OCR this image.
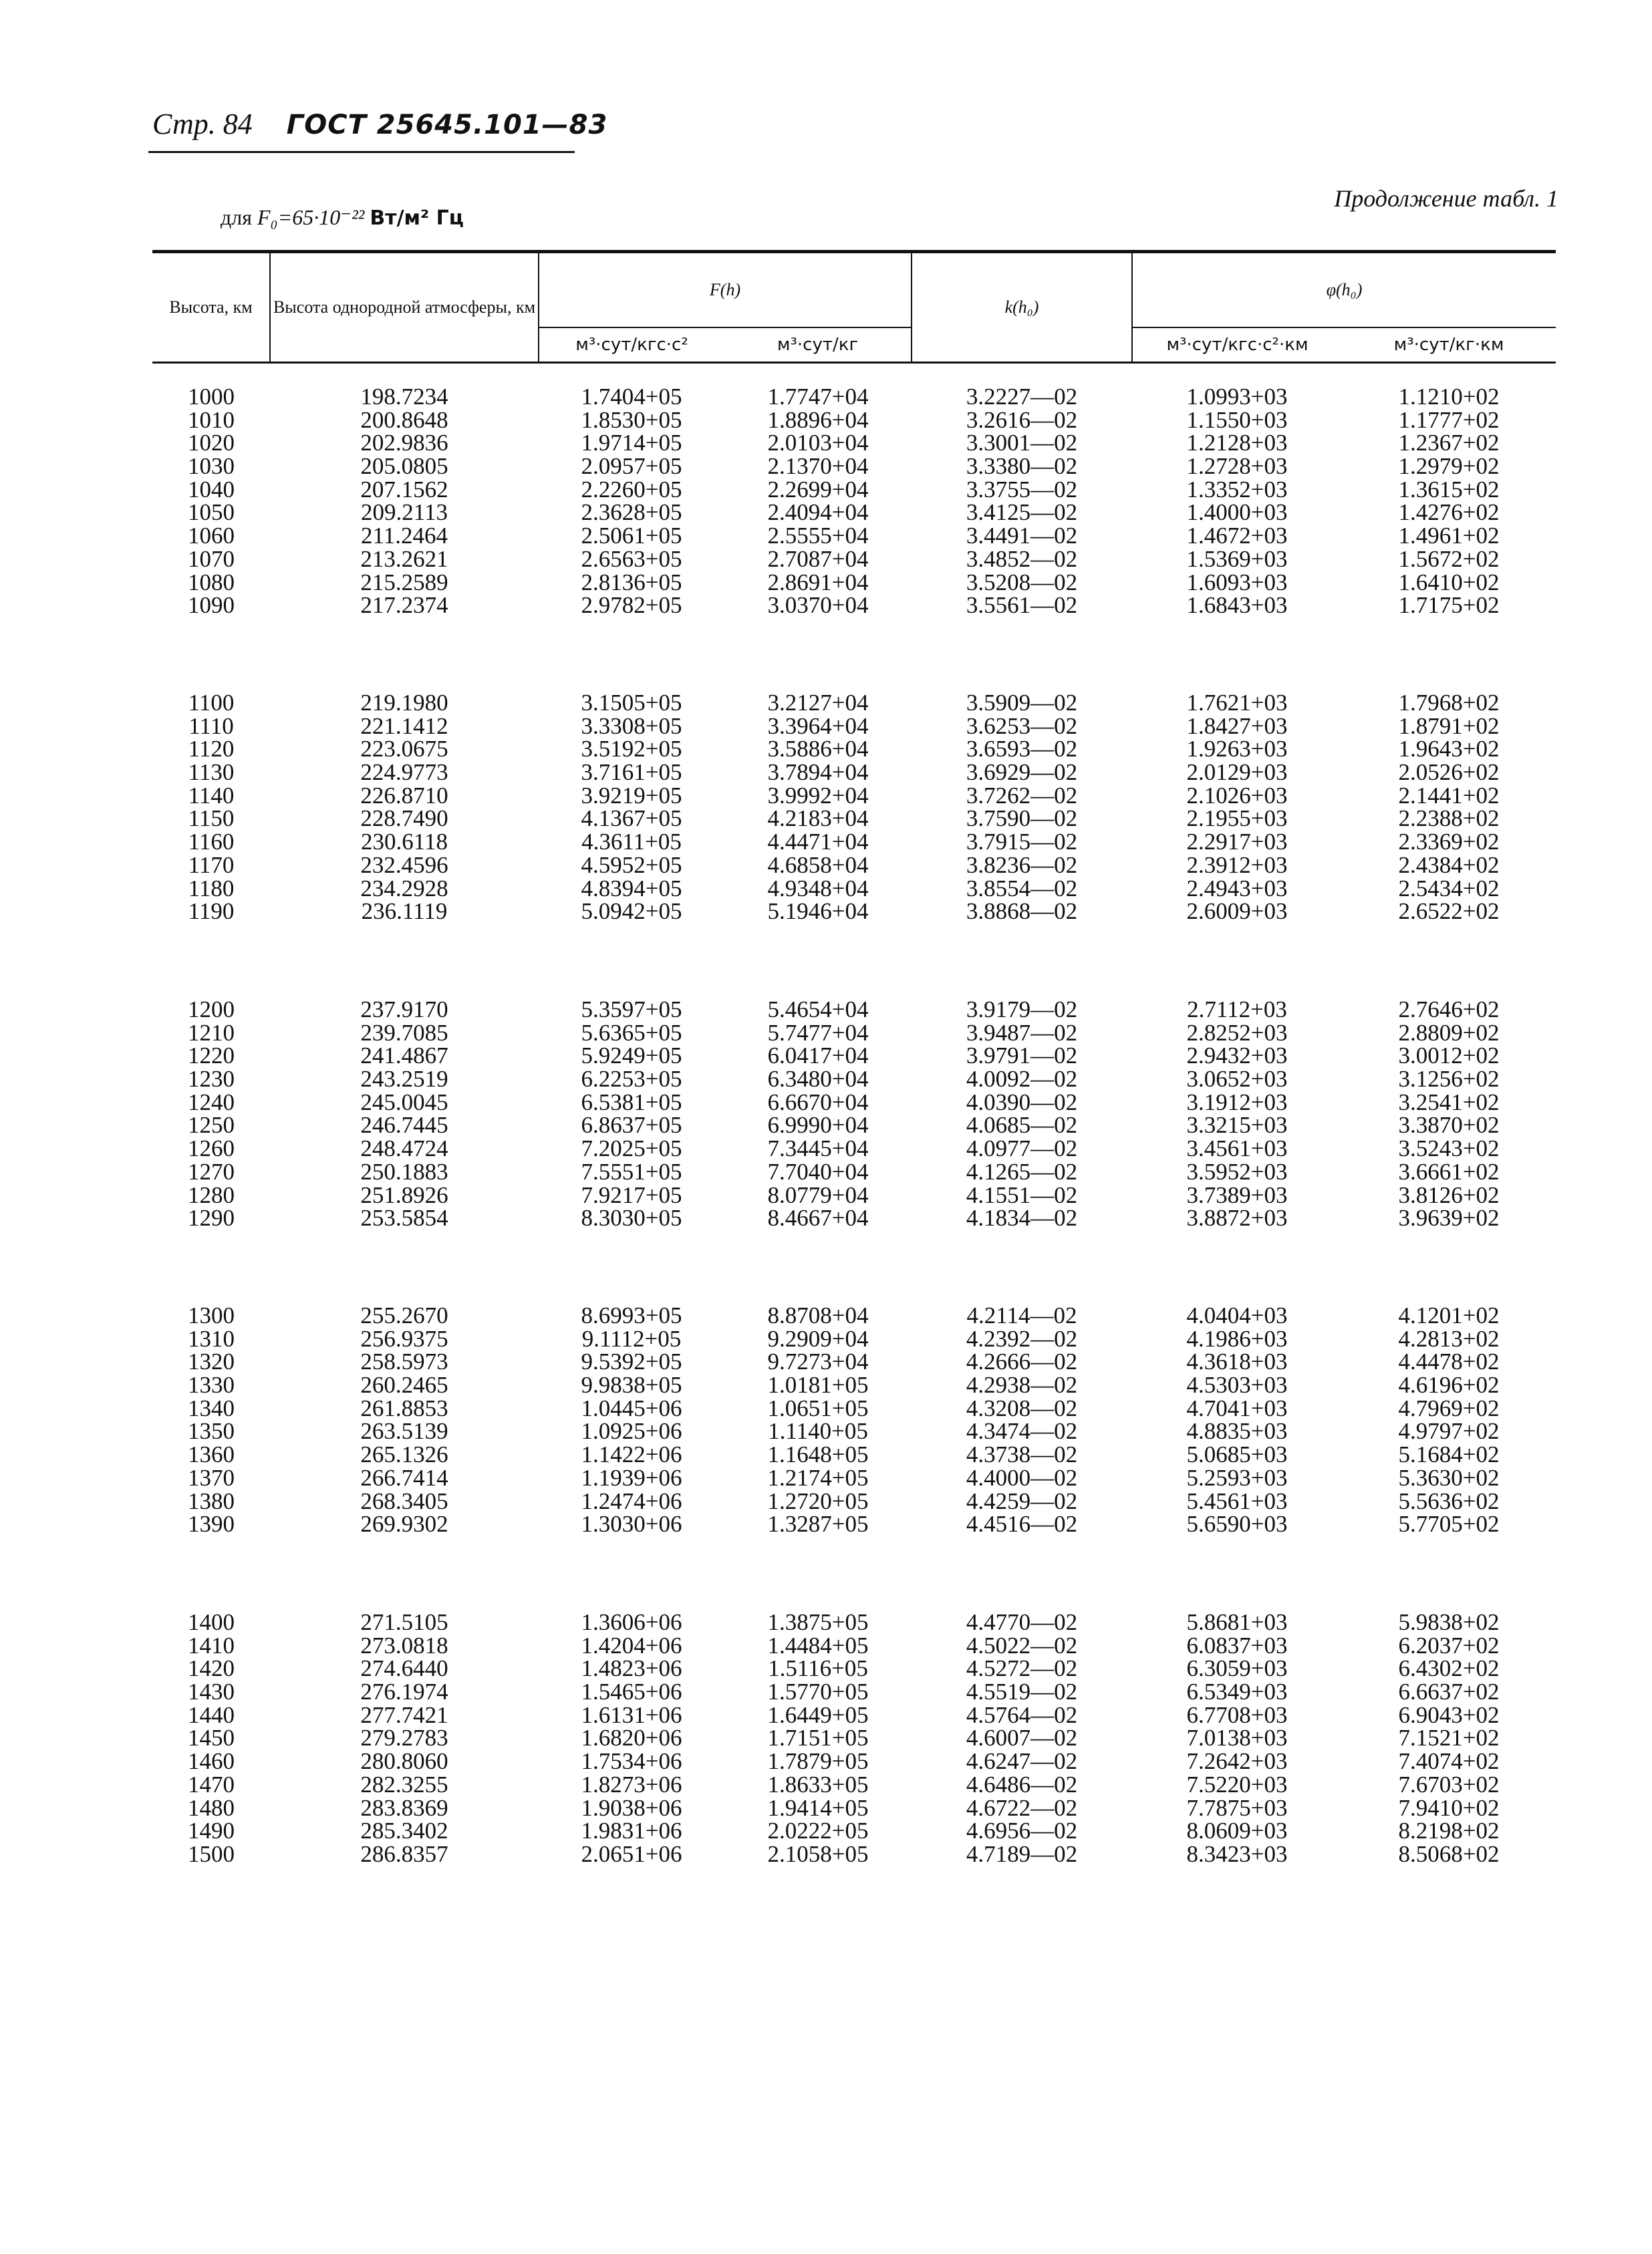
Стр. 84 ГОСТ 25645.101—83
Продолжение табл. 1
для F₀=65·10⁻²² Вт/м² Гц
Высота, км	Высота однородной атмосферы, км	F(h)		k(h₀)	φ(h₀)	
		м³·сут/кгс·с²	м³·сут/кг		м³·сут/кгс·с²·км	м³·сут/кг·км
1000	198.7234	1.7404+05	1.7747+04	3.2227—02	1.0993+03	1.1210+02
1010	200.8648	1.8530+05	1.8896+04	3.2616—02	1.1550+03	1.1777+02
1020	202.9836	1.9714+05	2.0103+04	3.3001—02	1.2128+03	1.2367+02
1030	205.0805	2.0957+05	2.1370+04	3.3380—02	1.2728+03	1.2979+02
1040	207.1562	2.2260+05	2.2699+04	3.3755—02	1.3352+03	1.3615+02
1050	209.2113	2.3628+05	2.4094+04	3.4125—02	1.4000+03	1.4276+02
1060	211.2464	2.5061+05	2.5555+04	3.4491—02	1.4672+03	1.4961+02
1070	213.2621	2.6563+05	2.7087+04	3.4852—02	1.5369+03	1.5672+02
1080	215.2589	2.8136+05	2.8691+04	3.5208—02	1.6093+03	1.6410+02
1090	217.2374	2.9782+05	3.0370+04	3.5561—02	1.6843+03	1.7175+02
1100	219.1980	3.1505+05	3.2127+04	3.5909—02	1.7621+03	1.7968+02
1110	221.1412	3.3308+05	3.3964+04	3.6253—02	1.8427+03	1.8791+02
1120	223.0675	3.5192+05	3.5886+04	3.6593—02	1.9263+03	1.9643+02
1130	224.9773	3.7161+05	3.7894+04	3.6929—02	2.0129+03	2.0526+02
1140	226.8710	3.9219+05	3.9992+04	3.7262—02	2.1026+03	2.1441+02
1150	228.7490	4.1367+05	4.2183+04	3.7590—02	2.1955+03	2.2388+02
1160	230.6118	4.3611+05	4.4471+04	3.7915—02	2.2917+03	2.3369+02
1170	232.4596	4.5952+05	4.6858+04	3.8236—02	2.3912+03	2.4384+02
1180	234.2928	4.8394+05	4.9348+04	3.8554—02	2.4943+03	2.5434+02
1190	236.1119	5.0942+05	5.1946+04	3.8868—02	2.6009+03	2.6522+02
1200	237.9170	5.3597+05	5.4654+04	3.9179—02	2.7112+03	2.7646+02
1210	239.7085	5.6365+05	5.7477+04	3.9487—02	2.8252+03	2.8809+02
1220	241.4867	5.9249+05	6.0417+04	3.9791—02	2.9432+03	3.0012+02
1230	243.2519	6.2253+05	6.3480+04	4.0092—02	3.0652+03	3.1256+02
1240	245.0045	6.5381+05	6.6670+04	4.0390—02	3.1912+03	3.2541+02
1250	246.7445	6.8637+05	6.9990+04	4.0685—02	3.3215+03	3.3870+02
1260	248.4724	7.2025+05	7.3445+04	4.0977—02	3.4561+03	3.5243+02
1270	250.1883	7.5551+05	7.7040+04	4.1265—02	3.5952+03	3.6661+02
1280	251.8926	7.9217+05	8.0779+04	4.1551—02	3.7389+03	3.8126+02
1290	253.5854	8.3030+05	8.4667+04	4.1834—02	3.8872+03	3.9639+02
1300	255.2670	8.6993+05	8.8708+04	4.2114—02	4.0404+03	4.1201+02
1310	256.9375	9.1112+05	9.2909+04	4.2392—02	4.1986+03	4.2813+02
1320	258.5973	9.5392+05	9.7273+04	4.2666—02	4.3618+03	4.4478+02
1330	260.2465	9.9838+05	1.0181+05	4.2938—02	4.5303+03	4.6196+02
1340	261.8853	1.0445+06	1.0651+05	4.3208—02	4.7041+03	4.7969+02
1350	263.5139	1.0925+06	1.1140+05	4.3474—02	4.8835+03	4.9797+02
1360	265.1326	1.1422+06	1.1648+05	4.3738—02	5.0685+03	5.1684+02
1370	266.7414	1.1939+06	1.2174+05	4.4000—02	5.2593+03	5.3630+02
1380	268.3405	1.2474+06	1.2720+05	4.4259—02	5.4561+03	5.5636+02
1390	269.9302	1.3030+06	1.3287+05	4.4516—02	5.6590+03	5.7705+02
1400	271.5105	1.3606+06	1.3875+05	4.4770—02	5.8681+03	5.9838+02
1410	273.0818	1.4204+06	1.4484+05	4.5022—02	6.0837+03	6.2037+02
1420	274.6440	1.4823+06	1.5116+05	4.5272—02	6.3059+03	6.4302+02
1430	276.1974	1.5465+06	1.5770+05	4.5519—02	6.5349+03	6.6637+02
1440	277.7421	1.6131+06	1.6449+05	4.5764—02	6.7708+03	6.9043+02
1450	279.2783	1.6820+06	1.7151+05	4.6007—02	7.0138+03	7.1521+02
1460	280.8060	1.7534+06	1.7879+05	4.6247—02	7.2642+03	7.4074+02
1470	282.3255	1.8273+06	1.8633+05	4.6486—02	7.5220+03	7.6703+02
1480	283.8369	1.9038+06	1.9414+05	4.6722—02	7.7875+03	7.9410+02
1490	285.3402	1.9831+06	2.0222+05	4.6956—02	8.0609+03	8.2198+02
1500	286.8357	2.0651+06	2.1058+05	4.7189—02	8.3423+03	8.5068+02
